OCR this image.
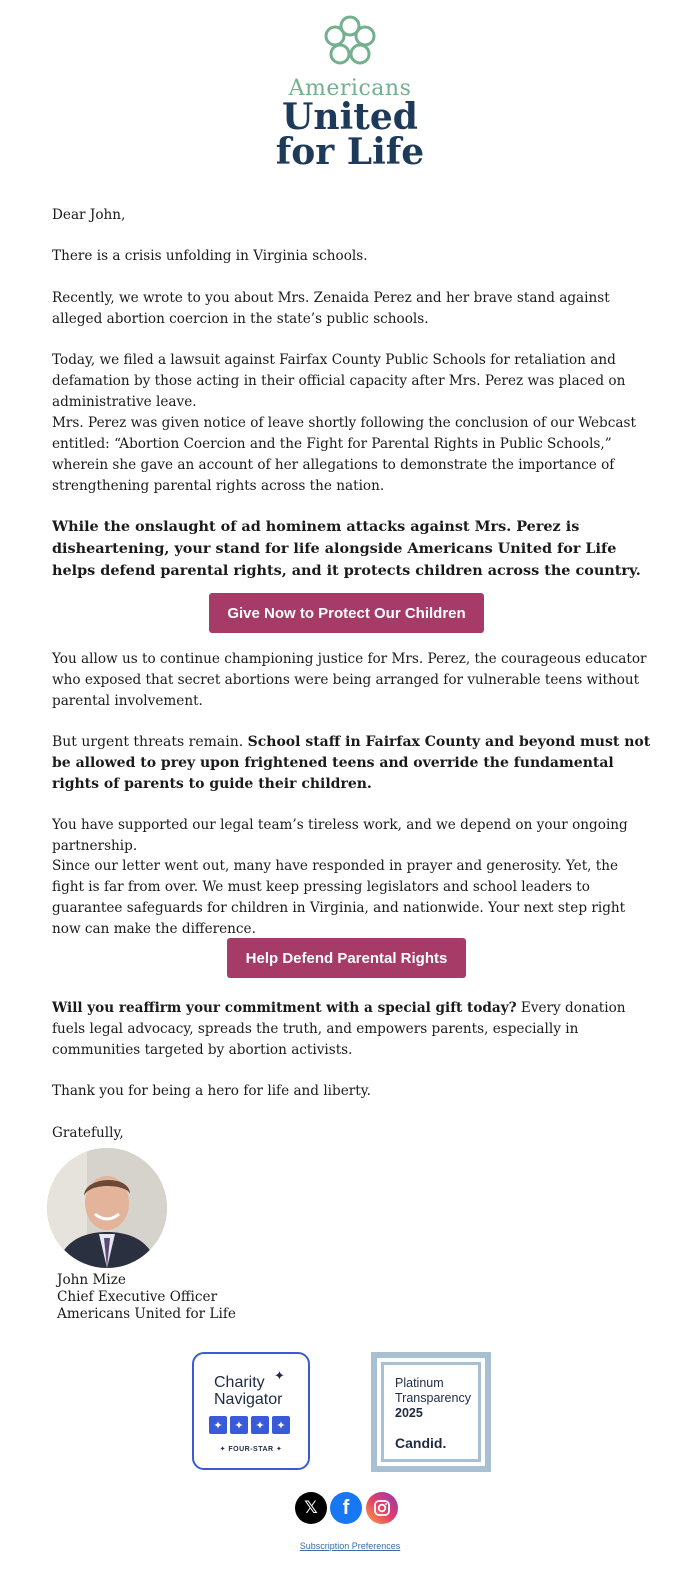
Americans
United
for Life
Dear John,
There is a crisis unfolding in Virginia schools.
Recently, we wrote to you about Mrs. Zenaida Perez and her brave stand against alleged abortion coercion in the state’s public schools.
Today, we filed a lawsuit against Fairfax County Public Schools for retaliation and defamation by those acting in their official capacity after Mrs. Perez was placed on administrative leave.
Mrs. Perez was given notice of leave shortly following the conclusion of our Webcast entitled: “Abortion Coercion and the Fight for Parental Rights in Public Schools,” wherein she gave an account of her allegations to demonstrate the importance of strengthening parental rights across the nation.
While the onslaught of ad hominem attacks against Mrs. Perez is disheartening, your stand for life alongside Americans United for Life helps defend parental rights, and it protects children across the country.
Give Now to Protect Our Children
You allow us to continue championing justice for Mrs. Perez, the courageous educator who exposed that secret abortions were being arranged for vulnerable teens without parental involvement.
But urgent threats remain. School staff in Fairfax County and beyond must not be allowed to prey upon frightened teens and override the fundamental rights of parents to guide their children.
You have supported our legal team’s tireless work, and we depend on your ongoing partnership.
Since our letter went out, many have responded in prayer and generosity. Yet, the fight is far from over. We must keep pressing legislators and school leaders to guarantee safeguards for children in Virginia, and nationwide. Your next step right now can make the difference.
Help Defend Parental Rights
Will you reaffirm your commitment with a special gift today? Every donation fuels legal advocacy, spreads the truth, and empowers parents, especially in communities targeted by abortion activists.
Thank you for being a hero for life and liberty.
Gratefully,
John Mize
Chief Executive Officer
Americans United for Life
Charity
Navigator
✦
✦	✦	✦	✦
✦ FOUR-STAR ✦
Platinum
Transparency
2025
Candid.
𝕏	f
Subscription Preferences
